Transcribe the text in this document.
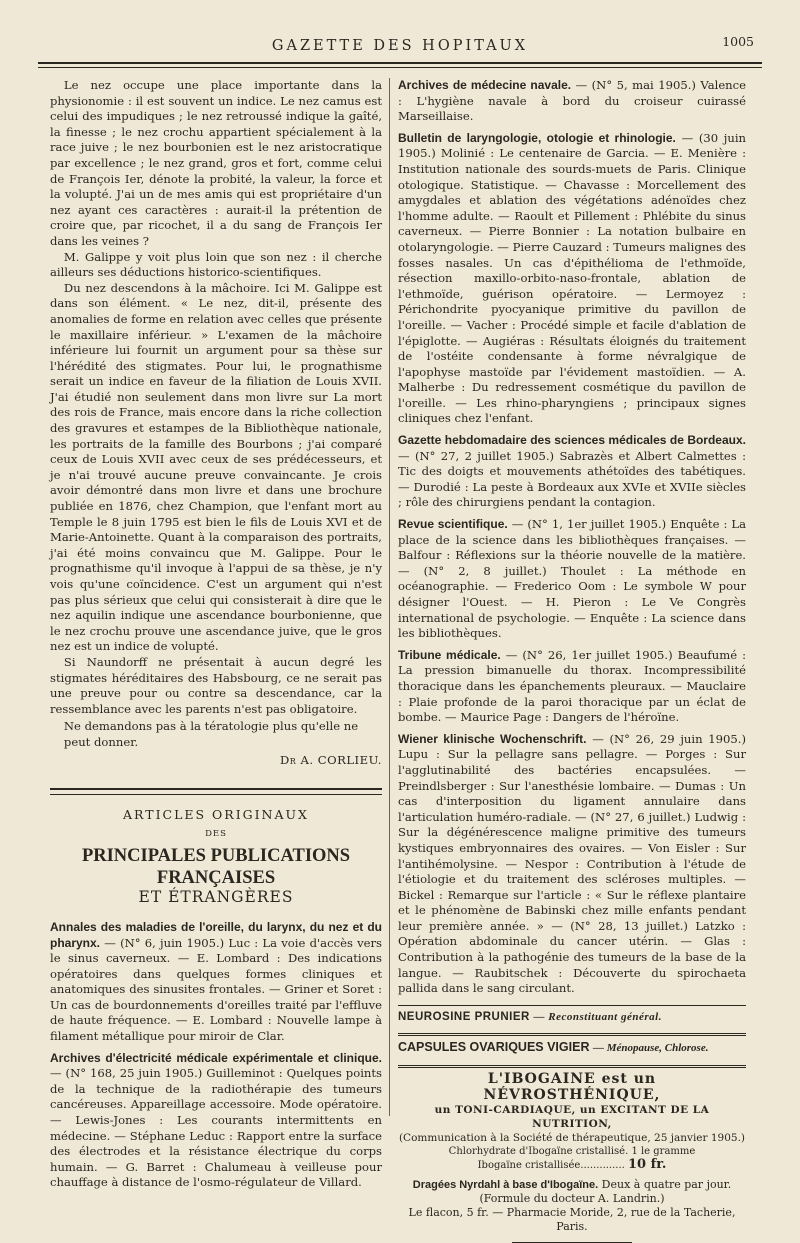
GAZETTE DES HOPITAUX	1005

Le nez occupe une place importante dans la physionomie : il est souvent un indice. Le nez camus est celui des impudiques ; le nez retroussé indique la gaîté, la finesse ; le nez crochu appartient spécialement à la race juive ; le nez bourbonien est le nez aristocratique par excellence ; le nez grand, gros et fort, comme celui de François Ier, dénote la probité, la valeur, la force et la volupté. J'ai un de mes amis qui est propriétaire d'un nez ayant ces caractères : aurait-il la prétention de croire que, par ricochet, il a du sang de François Ier dans les veines ?

M. Galippe y voit plus loin que son nez : il cherche ailleurs ses déductions historico-scientifiques.

Du nez descendons à la mâchoire. Ici M. Galippe est dans son élément. « Le nez, dit-il, présente des anomalies de forme en relation avec celles que présente le maxillaire inférieur. » L'examen de la mâchoire inférieure lui fournit un argument pour sa thèse sur l'hérédité des stigmates. Pour lui, le prognathisme serait un indice en faveur de la filiation de Louis XVII. J'ai étudié non seulement dans mon livre sur La mort des rois de France, mais encore dans la riche collection des gravures et estampes de la Bibliothèque nationale, les portraits de la famille des Bourbons ; j'ai comparé ceux de Louis XVII avec ceux de ses prédécesseurs, et je n'ai trouvé aucune preuve convaincante. Je crois avoir démontré dans mon livre et dans une brochure publiée en 1876, chez Champion, que l'enfant mort au Temple le 8 juin 1795 est bien le fils de Louis XVI et de Marie-Antoinette. Quant à la comparaison des portraits, j'ai été moins convaincu que M. Galippe. Pour le prognathisme qu'il invoque à l'appui de sa thèse, je n'y vois qu'une coïncidence. C'est un argument qui n'est pas plus sérieux que celui qui consisterait à dire que le nez aquilin indique une ascendance bourbonienne, que le nez crochu prouve une ascendance juive, que le gros nez est un indice de volupté.

Si Naundorff ne présentait à aucun degré les stigmates héréditaires des Habsbourg, ce ne serait pas une preuve pour ou contre sa descendance, car la ressemblance avec les parents n'est pas obligatoire.

Ne demandons pas à la tératologie plus qu'elle ne peut donner.
Dr A. CORLIEU.
ARTICLES ORIGINAUX
DES
PRINCIPALES PUBLICATIONS FRANÇAISES
ET ÉTRANGÈRES
Annales des maladies de l'oreille, du larynx, du nez et du pharynx. — (N° 6, juin 1905.) Luc : La voie d'accès vers le sinus caverneux. — E. Lombard : Des indications opératoires dans quelques formes cliniques et anatomiques des sinusites frontales. — Griner et Soret : Un cas de bourdonnements d'oreilles traité par l'effluve de haute fréquence. — E. Lombard : Nouvelle lampe à filament métallique pour miroir de Clar.
Archives d'électricité médicale expérimentale et clinique. — (N° 168, 25 juin 1905.) Guilleminot : Quelques points de la technique de la radiothérapie des tumeurs cancéreuses. Appareillage accessoire. Mode opératoire. — Lewis-Jones : Les courants intermittents en médecine. — Stéphane Leduc : Rapport entre la surface des électrodes et la résistance électrique du corps humain. — G. Barret : Chalumeau à veilleuse pour chauffage à distance de l'osmo-régulateur de Villard.
Archives de médecine navale. — (N° 5, mai 1905.) Valence : L'hygiène navale à bord du croiseur cuirassé Marseillaise.
Bulletin de laryngologie, otologie et rhinologie. — (30 juin 1905.) Molinié : Le centenaire de Garcia. — E. Menière : Institution nationale des sourds-muets de Paris. Clinique otologique. Statistique. — Chavasse : Morcellement des amygdales et ablation des végétations adénoïdes chez l'homme adulte. — Raoult et Pillement : Phlébite du sinus caverneux. — Pierre Bonnier : La notation bulbaire en otolaryngologie. — Pierre Cauzard : Tumeurs malignes des fosses nasales. Un cas d'épithélioma de l'ethmoïde, résection maxillo-orbito-naso-frontale, ablation de l'ethmoïde, guérison opératoire. — Lermoyez : Périchondrite pyocyanique primitive du pavillon de l'oreille. — Vacher : Procédé simple et facile d'ablation de l'épiglotte. — Augiéras : Résultats éloignés du traitement de l'ostéite condensante à forme névralgique de l'apophyse mastoïde par l'évidement mastoïdien. — A. Malherbe : Du redressement cosmétique du pavillon de l'oreille. — Les rhino-pharyngiens ; principaux signes cliniques chez l'enfant.
Gazette hebdomadaire des sciences médicales de Bordeaux. — (N° 27, 2 juillet 1905.) Sabrazès et Albert Calmettes : Tic des doigts et mouvements athétoïdes des tabétiques. — Durodié : La peste à Bordeaux aux XVIe et XVIIe siècles ; rôle des chirurgiens pendant la contagion.
Revue scientifique. — (N° 1, 1er juillet 1905.) Enquête : La place de la science dans les bibliothèques françaises. — Balfour : Réflexions sur la théorie nouvelle de la matière. — (N° 2, 8 juillet.) Thoulet : La méthode en océanographie. — Frederico Oom : Le symbole W pour désigner l'Ouest. — H. Pieron : Le Ve Congrès international de psychologie. — Enquête : La science dans les bibliothèques.
Tribune médicale. — (N° 26, 1er juillet 1905.) Beaufumé : La pression bimanuelle du thorax. Incompressibilité thoracique dans les épanchements pleuraux. — Mauclaire : Plaie profonde de la paroi thoracique par un éclat de bombe. — Maurice Page : Dangers de l'héroïne.
Wiener klinische Wochenschrift. — (N° 26, 29 juin 1905.) Lupu : Sur la pellagre sans pellagre. — Porges : Sur l'agglutinabilité des bactéries encapsulées. — Preindlsberger : Sur l'anesthésie lombaire. — Dumas : Un cas d'interposition du ligament annulaire dans l'articulation huméro-radiale. — (N° 27, 6 juillet.) Ludwig : Sur la dégénérescence maligne primitive des tumeurs kystiques embryonnaires des ovaires. — Von Eisler : Sur l'antihémolysine. — Nespor : Contribution à l'étude de l'étiologie et du traitement des scléroses multiples. — Bickel : Remarque sur l'article : « Sur le réflexe plantaire et le phénomène de Babinski chez mille enfants pendant leur première année. » — (N° 28, 13 juillet.) Latzko : Opération abdominale du cancer utérin. — Glas : Contribution à la pathogénie des tumeurs de la base de la langue. — Raubitschek : Découverte du spirochaeta pallida dans le sang circulant.
NEUROSINE PRUNIER — Reconstituant général.
CAPSULES OVARIQUES VIGIER — Ménopause, Chlorose.
L'IBOGAINE est un NÉVROSTHÉNIQUE,
un TONI-CARDIAQUE, un EXCITANT DE LA NUTRITION,
(Communication à la Société de thérapeutique, 25 janvier 1905.)
Chlorhydrate d'Ibogaïne cristallisé. 1 le gramme
Ibogaïne cristallisée.............. 10 fr.
Dragées Nyrdahl à base d'Ibogaïne. Deux à quatre par jour.
(Formule du docteur A. Landrin.)
Le flacon, 5 fr. — Pharmacie Moride, 2, rue de la Tacherie, Paris.
